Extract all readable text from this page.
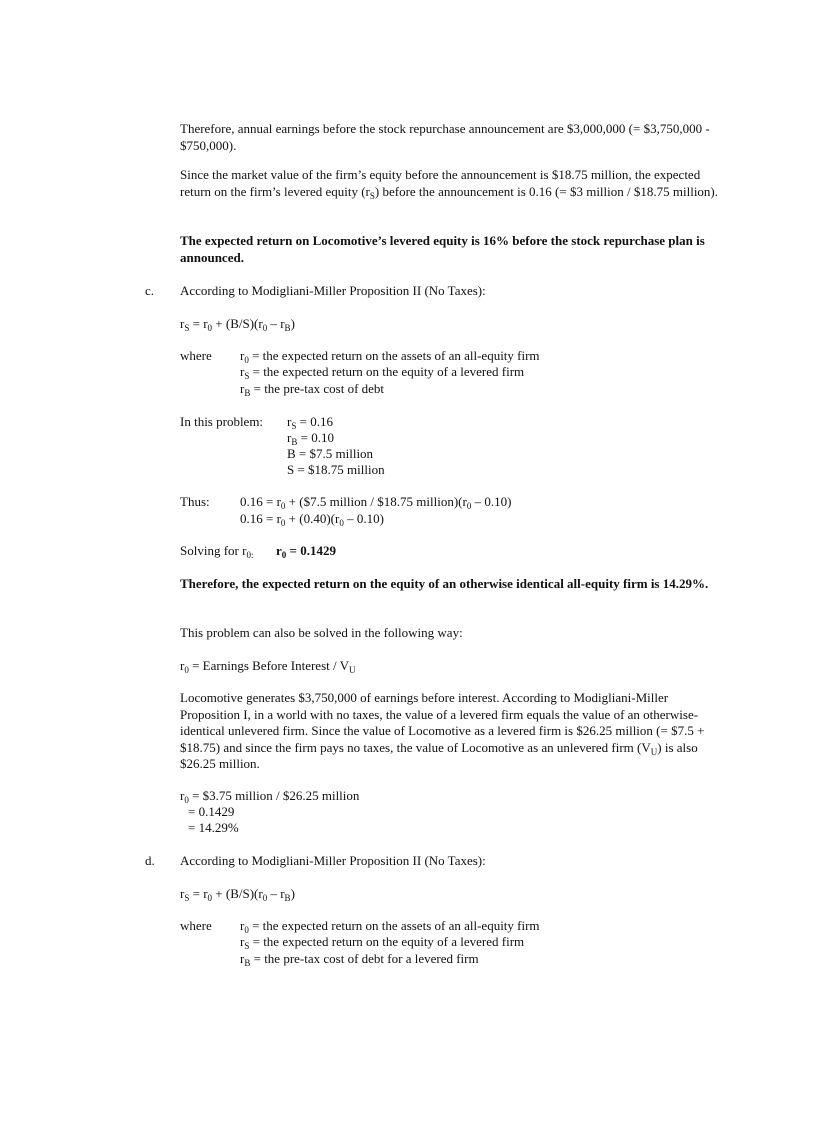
Therefore, annual earnings before the stock repurchase announcement are $3,000,000 (= $3,750,000 - $750,000).

Since the market value of the firm’s equity before the announcement is $18.75 million, the expected return on the firm’s levered equity $(r_S)$ before the announcement is 0.16 (= $3 million / $18.75 million).

The expected return on Locomotive’s levered equity is 16% before the stock repurchase plan is announced.

c. According to Modigliani-Miller Proposition II (No Taxes):

$r_S = r_0 + (B/S)(r_0 - r_B)$
where $r_0$ = the expected return on the assets of an all-equity firm
$r_S$ = the expected return on the equity of a levered firm
$r_B$ = the pre-tax cost of debt
In this problem: $r_S = 0.16$
$r_B = 0.10$
B = $7.5 million
S = $18.75 million
Thus: $0.16 = r_0$ + ($7.5 million / $18.75 $million)(r_0 - 0.10)$
$0.16 = r_0 + (0.40)(r_0 - 0.10)$
Solving for $r_{0:}$ $r_0 = 0.1429$

Therefore, the expected return on the equity of an otherwise identical all-equity firm is 14.29%.

This problem can also be solved in the following way:

$r_0$ = Earnings Before Interest / $V_U$

Locomotive generates $3,750,000 of earnings before interest. According to Modigliani-Miller Proposition I, in a world with no taxes, the value of a levered firm equals the value of an otherwise-identical unlevered firm. Since the value of Locomotive as a levered firm is $26.25 million (= $7.5 + $18.75) and since the firm pays no taxes, the value of Locomotive as an unlevered firm $(V_U)$ is also $26.25 million.

$r_0$ = $3.75 million / $26.25 million
= 0.1429
= 14.29%
d. According to Modigliani-Miller Proposition II (No Taxes):

$r_S = r_0 + (B/S)(r_0 - r_B)$
where $r_0$ = the expected return on the assets of an all-equity firm
$r_S$ = the expected return on the equity of a levered firm
$r_B$ = the pre-tax cost of debt for a levered firm
